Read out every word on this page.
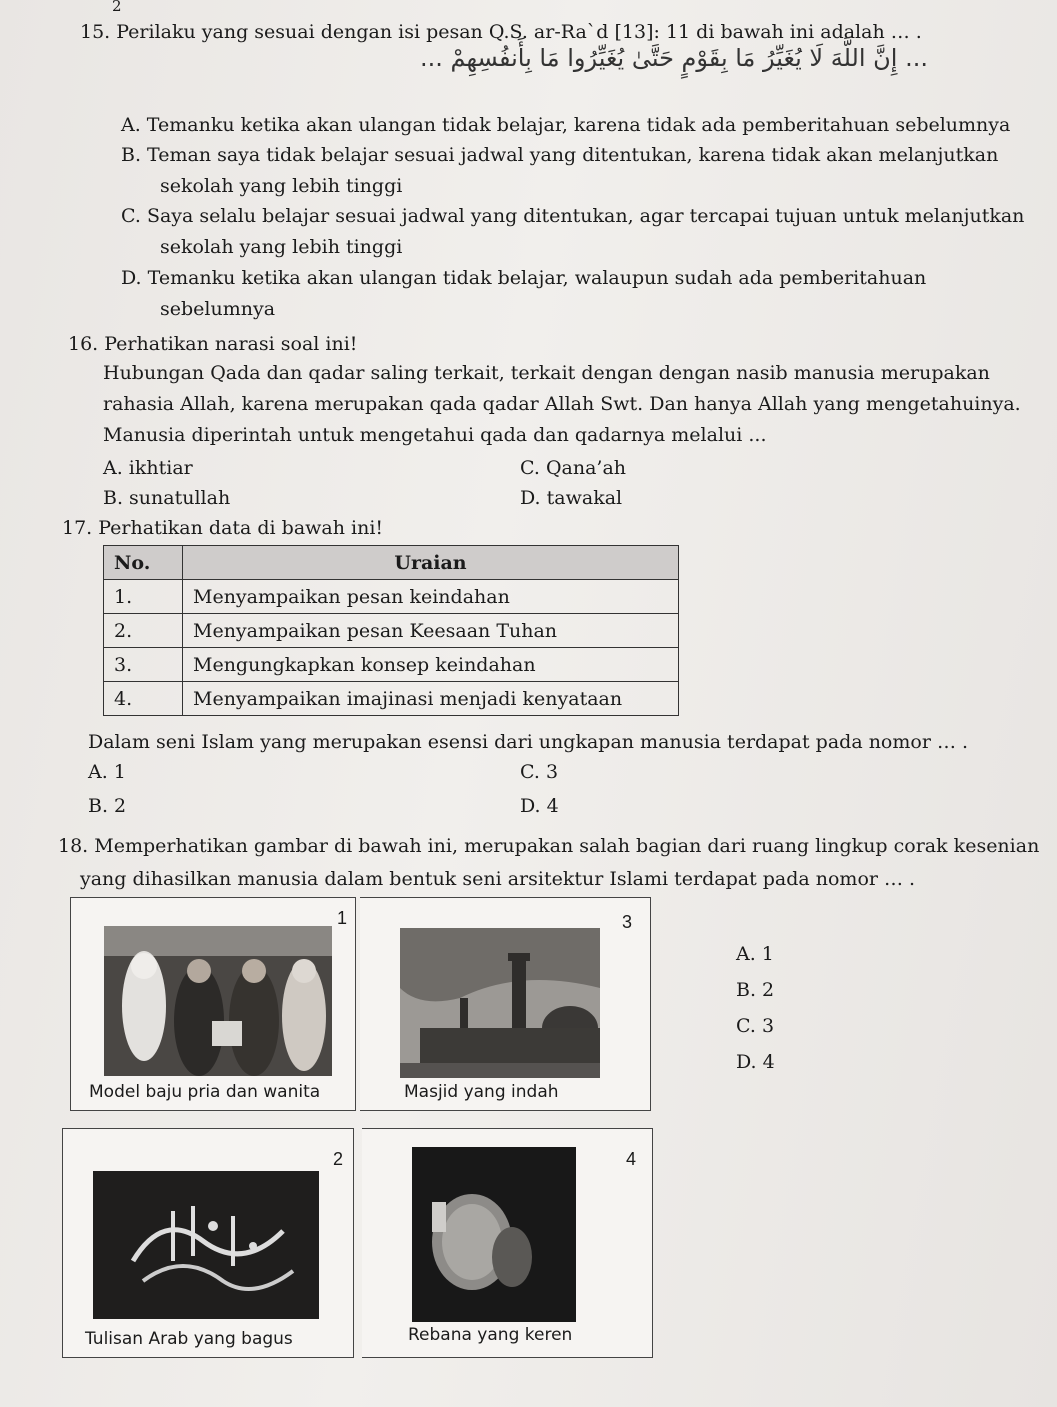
2
15. Perilaku yang sesuai dengan isi pesan Q.S. ar-Ra`d [13]: 11 di bawah ini adalah … .
... إِنَّ اللَّهَ لَا يُغَيِّرُ مَا بِقَوْمٍ حَتَّىٰ يُغَيِّرُوا مَا بِأَنفُسِهِمْ ...
A. Temanku ketika akan ulangan tidak belajar, karena tidak ada pemberitahuan sebelumnya
B. Teman saya tidak belajar sesuai jadwal yang ditentukan, karena tidak akan melanjutkan
sekolah yang lebih tinggi
C. Saya selalu belajar sesuai jadwal yang ditentukan, agar tercapai tujuan untuk melanjutkan
sekolah yang lebih tinggi
D. Temanku ketika akan ulangan tidak belajar, walaupun sudah ada pemberitahuan
sebelumnya
16. Perhatikan narasi soal ini!
Hubungan Qada dan qadar saling terkait, terkait dengan dengan nasib manusia merupakan
rahasia Allah, karena merupakan qada qadar Allah Swt. Dan hanya Allah yang mengetahuinya.
Manusia diperintah untuk mengetahui qada dan qadarnya melalui ...
A. ikhtiar
B. sunatullah
C. Qana’ah
D. tawakal
17. Perhatikan data di bawah ini!
No.	Uraian
1.	Menyampaikan pesan keindahan
2.	Menyampaikan pesan Keesaan Tuhan
3.	Mengungkapkan konsep keindahan
4.	Menyampaikan imajinasi menjadi kenyataan
Dalam seni Islam yang merupakan esensi dari ungkapan manusia terdapat pada nomor … .
A. 1
B. 2
C. 3
D. 4
18. Memperhatikan gambar di bawah ini, merupakan salah bagian dari ruang lingkup corak kesenian
yang dihasilkan manusia dalam bentuk seni arsitektur Islami terdapat pada nomor … .
1
Model baju pria dan wanita
3
Masjid yang indah
2
Tulisan Arab yang bagus
4
Rebana yang keren
A. 1
B. 2
C. 3
D. 4
